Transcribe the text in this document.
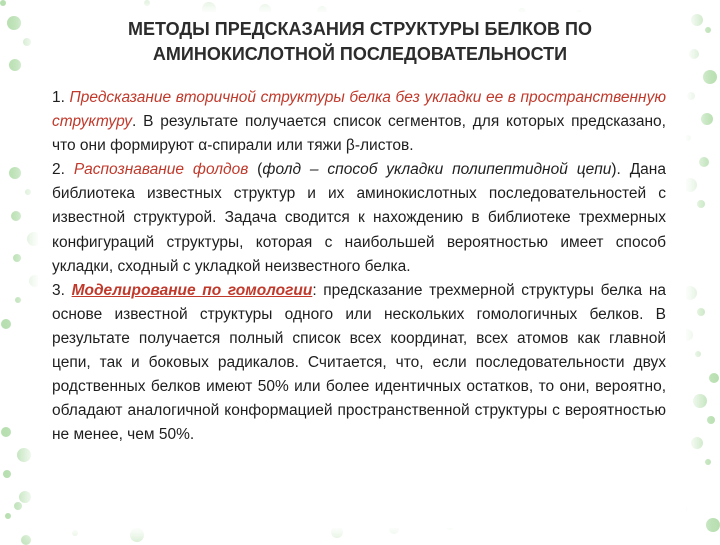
МЕТОДЫ ПРЕДСКАЗАНИЯ СТРУКТУРЫ БЕЛКОВ ПО
АМИНОКИСЛОТНОЙ ПОСЛЕДОВАТЕЛЬНОСТИ

1. Предсказание вторичной структуры белка без укладки ее в пространственную структуру. В результате получается список сегментов, для которых предсказано, что они формируют α-спирали или тяжи β-листов.

2. Распознавание фолдов (фолд – способ укладки полипептидной цепи). Дана библиотека известных структур и их аминокислотных последовательностей с известной структурой. Задача сводится к нахождению в библиотеке трехмерных конфигураций структуры, которая с наибольшей вероятностью имеет способ укладки, сходный с укладкой неизвестного белка.

3. Моделирование по гомологии: предсказание трехмерной структуры белка на основе известной структуры одного или нескольких гомологичных белков. В результате получается полный список всех координат, всех атомов как главной цепи, так и боковых радикалов. Считается, что, если последовательности двух родственных белков имеют 50% или более идентичных остатков, то они, вероятно, обладают аналогичной конформацией пространственной структуры с вероятностью не менее, чем 50%.
